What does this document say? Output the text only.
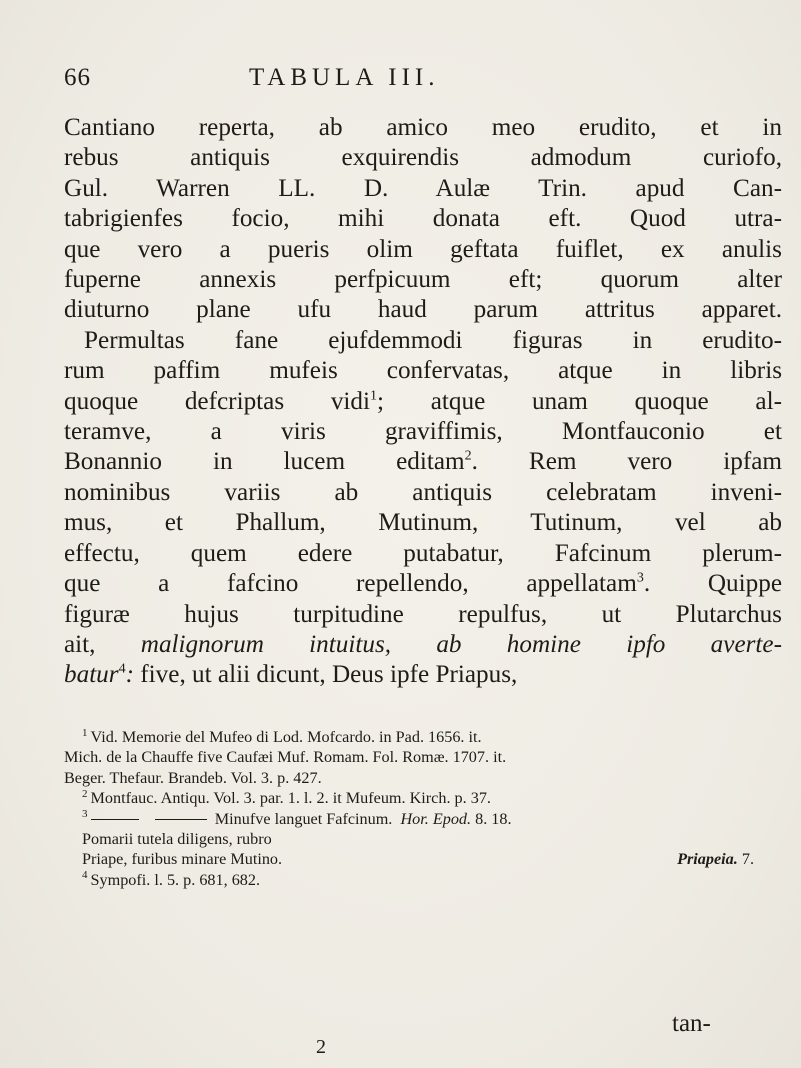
66	TABULA III.
Cantiano reperta, ab amico meo erudito, et in
rebus antiquis exquirendis admodum curiofo,
Gul. Warren LL. D. Aulæ Trin. apud Can-
tabrigienfes focio, mihi donata eft. Quod utra-
que vero a pueris olim geftata fuiflet, ex anulis
fuperne annexis perfpicuum eft; quorum alter
diuturno plane ufu haud parum attritus apparet.
Permultas fane ejufdemmodi figuras in erudito-
rum paffim mufeis confervatas, atque in libris
quoque defcriptas vidi$^1$; atque unam quoque al-
teramve, a viris graviffimis, Montfauconio et
Bonannio in lucem editam$^2$. Rem vero ipfam
nominibus variis ab antiquis celebratam inveni-
mus, et Phallum, Mutinum, Tutinum, vel ab
effectu, quem edere putabatur, Fafcinum plerum-
que a fafcino repellendo, appellatam$^3$. Quippe
figuræ hujus turpitudine repulfus, ut Plutarchus
ait, malignorum intuitus, ab homine ipfo averte-
batur$^4$: five, ut alii dicunt, Deus ipfe Priapus,
$^1$ Vid. Memorie del Mufeo di Lod. Mofcardo. in Pad. 1656. it.
Mich. de la Chauffe five Caufæi Muf. Romam. Fol. Romæ. 1707. it.
Beger. Thefaur. Brandeb. Vol. 3. p. 427.
$^2$ Montfauc. Antiqu. Vol. 3. par. 1. l. 2. it Mufeum. Kirch. p. 37.
$^3$	Minufve languet Fafcinum. Hor. Epod. 8. 18.
Pomarii tutela diligens, rubro
Priape, furibus minare Mutino.	Priapeia. 7.
$^4$ Sympofi. l. 5. p. 681, 682.
tan-
2
